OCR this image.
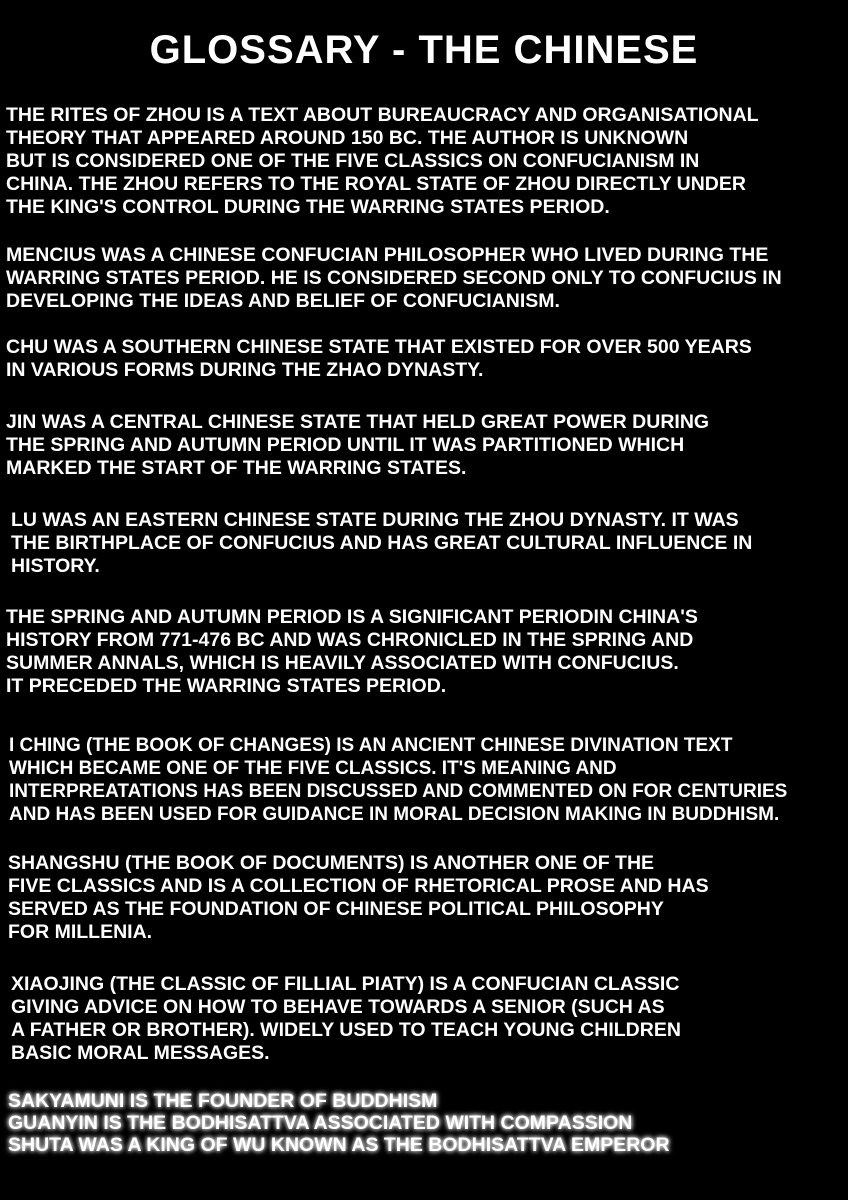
GLOSSARY - THE CHINESE

THE RITES OF ZHOU IS A TEXT ABOUT BUREAUCRACY AND ORGANISATIONAL
THEORY THAT APPEARED AROUND 150 BC. THE AUTHOR IS UNKNOWN
BUT IS CONSIDERED ONE OF THE FIVE CLASSICS ON CONFUCIANISM IN
CHINA. THE ZHOU REFERS TO THE ROYAL STATE OF ZHOU DIRECTLY UNDER
THE KING'S CONTROL DURING THE WARRING STATES PERIOD.

MENCIUS WAS A CHINESE CONFUCIAN PHILOSOPHER WHO LIVED DURING THE
WARRING STATES PERIOD. HE IS CONSIDERED SECOND ONLY TO CONFUCIUS IN
DEVELOPING THE IDEAS AND BELIEF OF CONFUCIANISM.

CHU WAS A SOUTHERN CHINESE STATE THAT EXISTED FOR OVER 500 YEARS
IN VARIOUS FORMS DURING THE ZHAO DYNASTY.

JIN WAS A CENTRAL CHINESE STATE THAT HELD GREAT POWER DURING
THE SPRING AND AUTUMN PERIOD UNTIL IT WAS PARTITIONED WHICH
MARKED THE START OF THE WARRING STATES.

LU WAS AN EASTERN CHINESE STATE DURING THE ZHOU DYNASTY. IT WAS
THE BIRTHPLACE OF CONFUCIUS AND HAS GREAT CULTURAL INFLUENCE IN
HISTORY.

THE SPRING AND AUTUMN PERIOD IS A SIGNIFICANT PERIODIN CHINA'S
HISTORY FROM 771-476 BC AND WAS CHRONICLED IN THE SPRING AND
SUMMER ANNALS, WHICH IS HEAVILY ASSOCIATED WITH CONFUCIUS.
IT PRECEDED THE WARRING STATES PERIOD.

I CHING (THE BOOK OF CHANGES) IS AN ANCIENT CHINESE DIVINATION TEXT
WHICH BECAME ONE OF THE FIVE CLASSICS. IT'S MEANING AND
INTERPREATATIONS HAS BEEN DISCUSSED AND COMMENTED ON FOR CENTURIES
AND HAS BEEN USED FOR GUIDANCE IN MORAL DECISION MAKING IN BUDDHISM.

SHANGSHU (THE BOOK OF DOCUMENTS) IS ANOTHER ONE OF THE
FIVE CLASSICS AND IS A COLLECTION OF RHETORICAL PROSE AND HAS
SERVED AS THE FOUNDATION OF CHINESE POLITICAL PHILOSOPHY
FOR MILLENIA.

XIAOJING (THE CLASSIC OF FILLIAL PIATY) IS A CONFUCIAN CLASSIC
GIVING ADVICE ON HOW TO BEHAVE TOWARDS A SENIOR (SUCH AS
A FATHER OR BROTHER). WIDELY USED TO TEACH YOUNG CHILDREN
BASIC MORAL MESSAGES.

SAKYAMUNI IS THE FOUNDER OF BUDDHISM
GUANYIN IS THE BODHISATTVA ASSOCIATED WITH COMPASSION
SHUTA WAS A KING OF WU KNOWN AS THE BODHISATTVA EMPEROR
